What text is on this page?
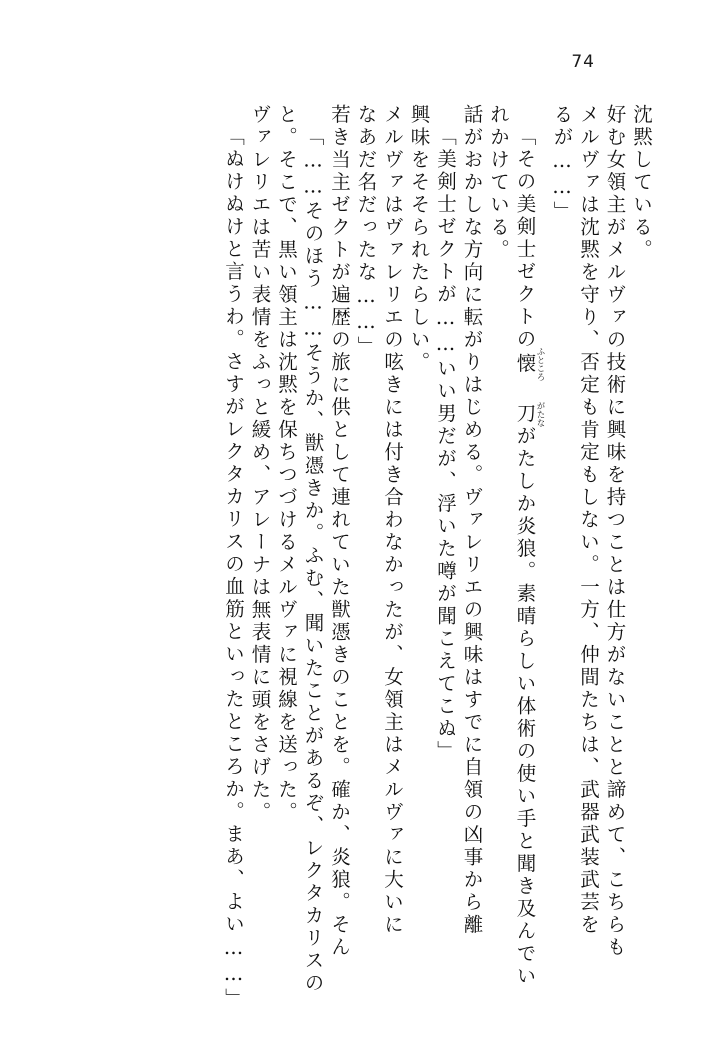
74
「ぬけぬけと言うわ。さすがレクタカリスの血筋といったところか。まあ、よい……」 ヴァレリエは苦い表情をふっと緩め、アレーナは無表情に頭をさげた。 と。そこで、黒い領主は沈黙を保ちつづけるメルヴァに視線を送った。 「……そのほう……そうか、獣憑きか。ふむ、聞いたことがあるぞ、レクタカリスの 若き当主ゼクトが遍歴の旅に供として連れていた獣憑きのことを。確か、炎狼。そん なあだ名だったな……」 メルヴァはヴァレリエの呟きには付き合わなかったが、女領主はメルヴァに大いに 興味をそそられたらしい。 「美剣士ゼクトが……いい男だが、浮いた噂が聞こえてこぬ」 話がおかしな方向に転がりはじめる。ヴァレリエの興味はすでに自領の凶事から離 れかけている。 「その美剣士ゼクトの懐ふところ 刀がたながたしか炎狼。素晴らしい体術の使い手と聞き及んでい
るが……」 メルヴァは沈黙を守り、否定も肯定もしない。一方、仲間たちは、武器武装武芸を 好む女領主がメルヴァの技術に興味を持つことは仕方がないことと諦めて、こちらも 沈黙している。
